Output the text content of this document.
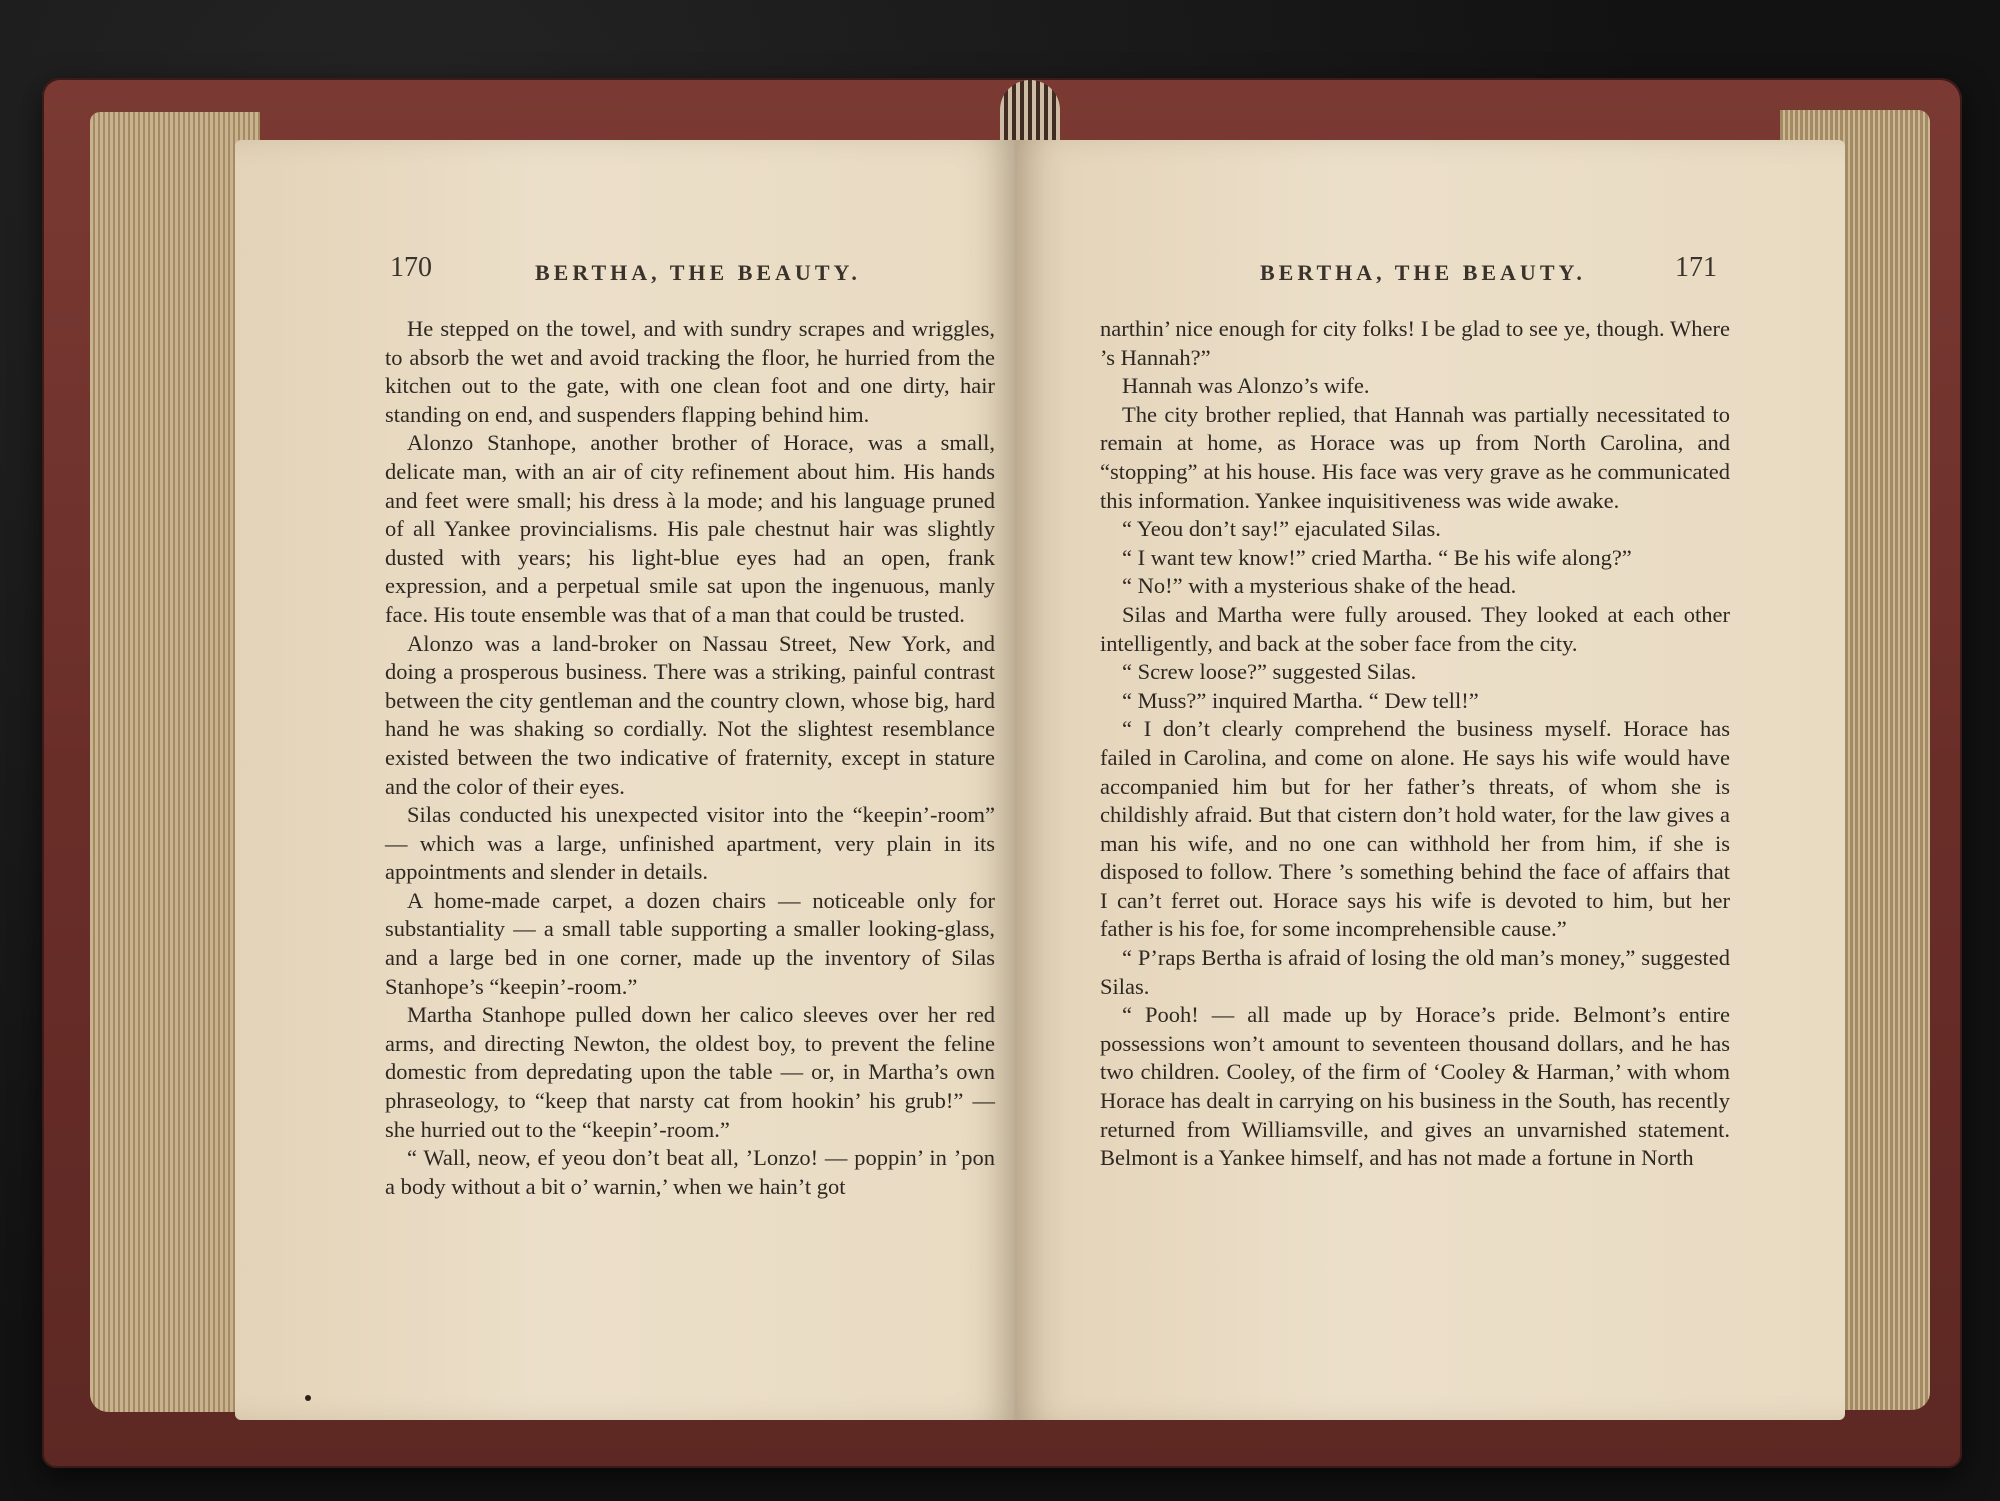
170	BERTHA, THE BEAUTY.

He stepped on the towel, and with sundry scrapes and wriggles, to absorb the wet and avoid tracking the floor, he hurried from the kitchen out to the gate, with one clean foot and one dirty, hair standing on end, and suspenders flapping behind him.

Alonzo Stanhope, another brother of Horace, was a small, delicate man, with an air of city refinement about him. His hands and feet were small; his dress à la mode; and his language pruned of all Yankee provincialisms. His pale chestnut hair was slightly dusted with years; his light-blue eyes had an open, frank expression, and a perpetual smile sat upon the ingenuous, manly face. His toute ensemble was that of a man that could be trusted.

Alonzo was a land-broker on Nassau Street, New York, and doing a prosperous business. There was a striking, painful contrast between the city gentleman and the country clown, whose big, hard hand he was shaking so cordially. Not the slightest resemblance existed between the two indicative of fraternity, except in stature and the color of their eyes.

Silas conducted his unexpected visitor into the “keepin’-room” — which was a large, unfinished apartment, very plain in its appointments and slender in details.

A home-made carpet, a dozen chairs — noticeable only for substantiality — a small table supporting a smaller looking-glass, and a large bed in one corner, made up the inventory of Silas Stanhope’s “keepin’-room.”

Martha Stanhope pulled down her calico sleeves over her red arms, and directing Newton, the oldest boy, to prevent the feline domestic from depredating upon the table — or, in Martha’s own phraseology, to “keep that narsty cat from hookin’ his grub!” — she hurried out to the “keepin’-room.”

“ Wall, neow, ef yeou don’t beat all, ’Lonzo! — poppin’ in ’pon a body without a bit o’ warnin,’ when we hain’t got

BERTHA, THE BEAUTY.	171

narthin’ nice enough for city folks! I be glad to see ye, though. Where ’s Hannah?”

Hannah was Alonzo’s wife.

The city brother replied, that Hannah was partially necessitated to remain at home, as Horace was up from North Carolina, and “stopping” at his house. His face was very grave as he communicated this information. Yankee inquisitiveness was wide awake.

“ Yeou don’t say!” ejaculated Silas.

“ I want tew know!” cried Martha. “ Be his wife along?”

“ No!” with a mysterious shake of the head.

Silas and Martha were fully aroused. They looked at each other intelligently, and back at the sober face from the city.

“ Screw loose?” suggested Silas.

“ Muss?” inquired Martha. “ Dew tell!”

“ I don’t clearly comprehend the business myself. Horace has failed in Carolina, and come on alone. He says his wife would have accompanied him but for her father’s threats, of whom she is childishly afraid. But that cistern don’t hold water, for the law gives a man his wife, and no one can withhold her from him, if she is disposed to follow. There ’s something behind the face of affairs that I can’t ferret out. Horace says his wife is devoted to him, but her father is his foe, for some incomprehensible cause.”

“ P’raps Bertha is afraid of losing the old man’s money,” suggested Silas.

“ Pooh! — all made up by Horace’s pride. Belmont’s entire possessions won’t amount to seventeen thousand dollars, and he has two children. Cooley, of the firm of ‘Cooley & Harman,’ with whom Horace has dealt in carrying on his business in the South, has recently returned from Williamsville, and gives an unvarnished statement. Belmont is a Yankee himself, and has not made a fortune in North
